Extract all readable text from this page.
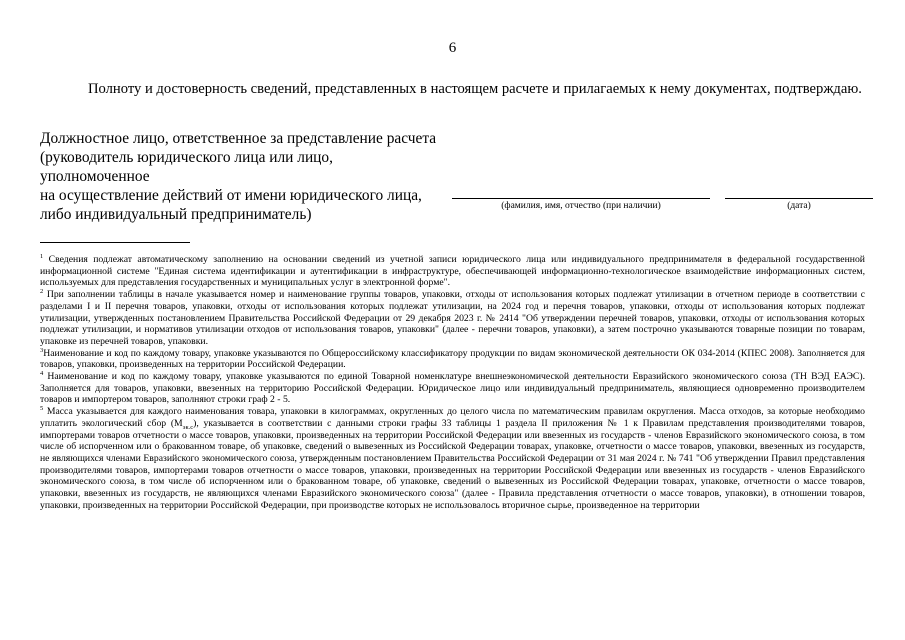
6

Полноту и достоверность сведений, представленных в настоящем расчете и прилагаемых к нему документах, подтверждаю.

Должностное лицо, ответственное за представление расчета
(руководитель юридического лица или лицо, уполномоченное
на осуществление действий от имени юридического лица,
либо индивидуальный предприниматель)	(фамилия, имя, отчество (при наличии)	(дата)

$^1$ Сведения подлежат автоматическому заполнению на основании сведений из учетной записи юридического лица или индивидуального предпринимателя в федеральной государственной информационной системе "Единая система идентификации и аутентификации в инфраструктуре, обеспечивающей информационно-технологическое взаимодействие информационных систем, используемых для представления государственных и муниципальных услуг в электронной форме".

$^2$ При заполнении таблицы в начале указывается номер и наименование группы товаров, упаковки, отходы от использования которых подлежат утилизации в отчетном периоде в соответствии с разделами I и II перечня товаров, упаковки, отходы от использования которых подлежат утилизации, на 2024 год и перечня товаров, упаковки, отходы от использования которых подлежат утилизации, утвержденных постановлением Правительства Российской Федерации от 29 декабря 2023 г. № 2414 "Об утверждении перечней товаров, упаковки, отходы от использования которых подлежат утилизации, и нормативов утилизации отходов от использования товаров, упаковки" (далее - перечни товаров, упаковки), а затем построчно указываются товарные позиции по товарам, упаковке из перечней товаров, упаковки.

$^3$Наименование и код по каждому товару, упаковке указываются по Общероссийскому классификатору продукции по видам экономической деятельности ОК 034-2014 (КПЕС 2008). Заполняется для товаров, упаковки, произведенных на территории Российской Федерации.

$^4$ Наименование и код по каждому товару, упаковке указываются по единой Товарной номенклатуре внешнеэкономической деятельности Евразийского экономического союза (ТН ВЭД ЕАЭС). Заполняется для товаров, упаковки, ввезенных на территорию Российской Федерации. Юридическое лицо или индивидуальный предприниматель, являющиеся одновременно производителем товаров и импортером товаров, заполняют строки граф 2 - 5.

$^5$ Масса указывается для каждого наименования товара, упаковки в килограммах, округленных до целого числа по математическим правилам округления. Масса отходов, за которые необходимо уплатить экологический сбор $(M_{эк.с})$, указывается в соответствии с данными строки графы 33 таблицы 1 раздела II приложения № 1 к Правилам представления производителями товаров, импортерами товаров отчетности о массе товаров, упаковки, произведенных на территории Российской Федерации или ввезенных из государств - членов Евразийского экономического союза, в том числе об испорченном или о бракованном товаре, об упаковке, сведений о вывезенных из Российской Федерации товарах, упаковке, отчетности о массе товаров, упаковки, ввезенных из государств, не являющихся членами Евразийского экономического союза, утвержденным постановлением Правительства Российской Федерации от 31 мая 2024 г. № 741 "Об утверждении Правил представления производителями товаров, импортерами товаров отчетности о массе товаров, упаковки, произведенных на территории Российской Федерации или ввезенных из государств - членов Евразийского экономического союза, в том числе об испорченном или о бракованном товаре, об упаковке, сведений о вывезенных из Российской Федерации товарах, упаковке, отчетности о массе товаров, упаковки, ввезенных из государств, не являющихся членами Евразийского экономического союза" (далее - Правила представления отчетности о массе товаров, упаковки), в отношении товаров, упаковки, произведенных на территории Российской Федерации, при производстве которых не использовалось вторичное сырье, произведенное на территории
